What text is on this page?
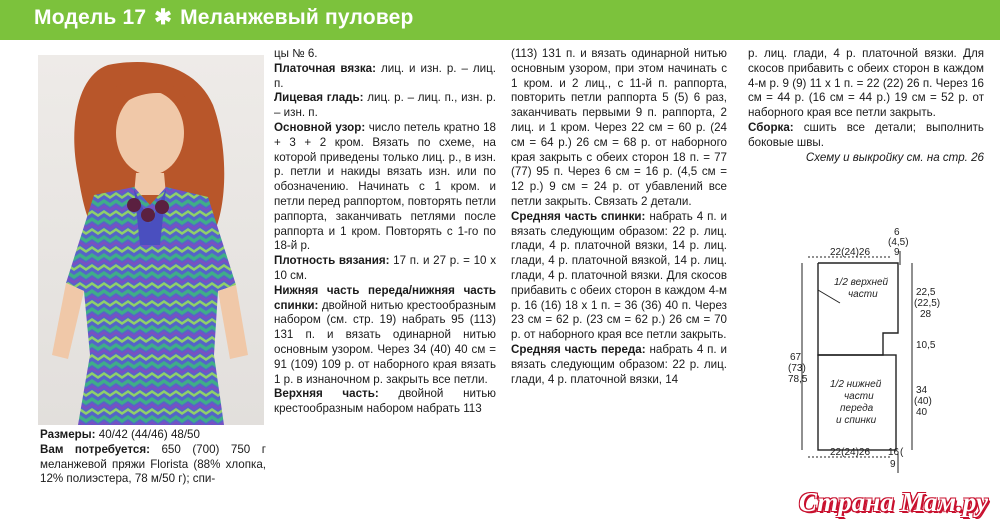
Модель 17 ✱ Меланжевый пуловер

Размеры: 40/42 (44/46) 48/50

Вам потребуется: 650 (700) 750 г меланжевой пряжи Florista (88% хлопка, 12% полиэстера, 78 м/50 г); спи-

цы № 6.

Платочная вязка: лиц. и изн. р. – лиц. п.

Лицевая гладь: лиц. р. – лиц. п., изн. р. – изн. п.

Основной узор: число петель кратно 18 + 3 + 2 кром. Вязать по схеме, на которой приведены только лиц. р., в изн. р. петли и накиды вязать изн. или по обозначению. Начинать с 1 кром. и петли перед раппортом, повторять петли раппорта, заканчивать петлями после раппорта и 1 кром. Повторять с 1-го по 18-й р.

Плотность вязания: 17 п. и 27 р. = 10 х 10 см.

Нижняя часть переда/нижняя часть спинки: двойной нитью крестообразным набором (см. стр. 19) набрать 95 (113) 131 п. и вязать одинарной нитью основным узором. Через 34 (40) 40 см = 91 (109) 109 р. от наборного края вязать 1 р. в изнаночном р. закрыть все петли.

Верхняя часть: двойной нитью крестообразным набором набрать 113

(113) 131 п. и вязать одинарной нитью основным узором, при этом начинать с 1 кром. и 2 лиц., с 11-й п. раппорта, повторить петли раппорта 5 (5) 6 раз, заканчивать первыми 9 п. раппорта, 2 лиц. и 1 кром. Через 22 см = 60 р. (24 см = 64 р.) 26 см = 68 р. от наборного края закрыть с обеих сторон 18 п. = 77 (77) 95 п. Через 6 см = 16 р. (4,5 см = 12 р.) 9 см = 24 р. от убавлений все петли закрыть. Связать 2 детали.

Средняя часть спинки: набрать 4 п. и вязать следующим образом: 22 р. лиц. глади, 4 р. платочной вязки, 14 р. лиц. глади, 4 р. платочной вязкой, 14 р. лиц. глади, 4 р. платочной вязки. Для скосов прибавить с обеих сторон в каждом 4-м р. 16 (16) 18 х 1 п. = 36 (36) 40 п. Через 23 см = 62 р. (23 см = 62 р.) 26 см = 70 р. от наборного края все петли закрыть.

Средняя часть переда: набрать 4 п. и вязать следующим образом: 22 р. лиц. глади, 4 р. платочной вязки, 14

р. лиц. глади, 4 р. платочной вязки. Для скосов прибавить с обеих сторон в каждом 4-м р. 9 (9) 11 х 1 п. = 22 (22) 26 п. Через 16 см = 44 р. (16 см = 44 р.) 19 см = 52 р. от наборного края все петли закрыть.

Сборка: сшить все детали; выполнить боковые швы.

Схему и выкройку см. на стр. 26

22(24)26
6
(4,5)
9
1/2 верхней
части	22,5
(22,5)
28
10,5
67
(73)
78,5 1/2 нижней
части
переда
и спинки
34
(40)
40
22(24)26 16 (
9
Страна Мам.ру
